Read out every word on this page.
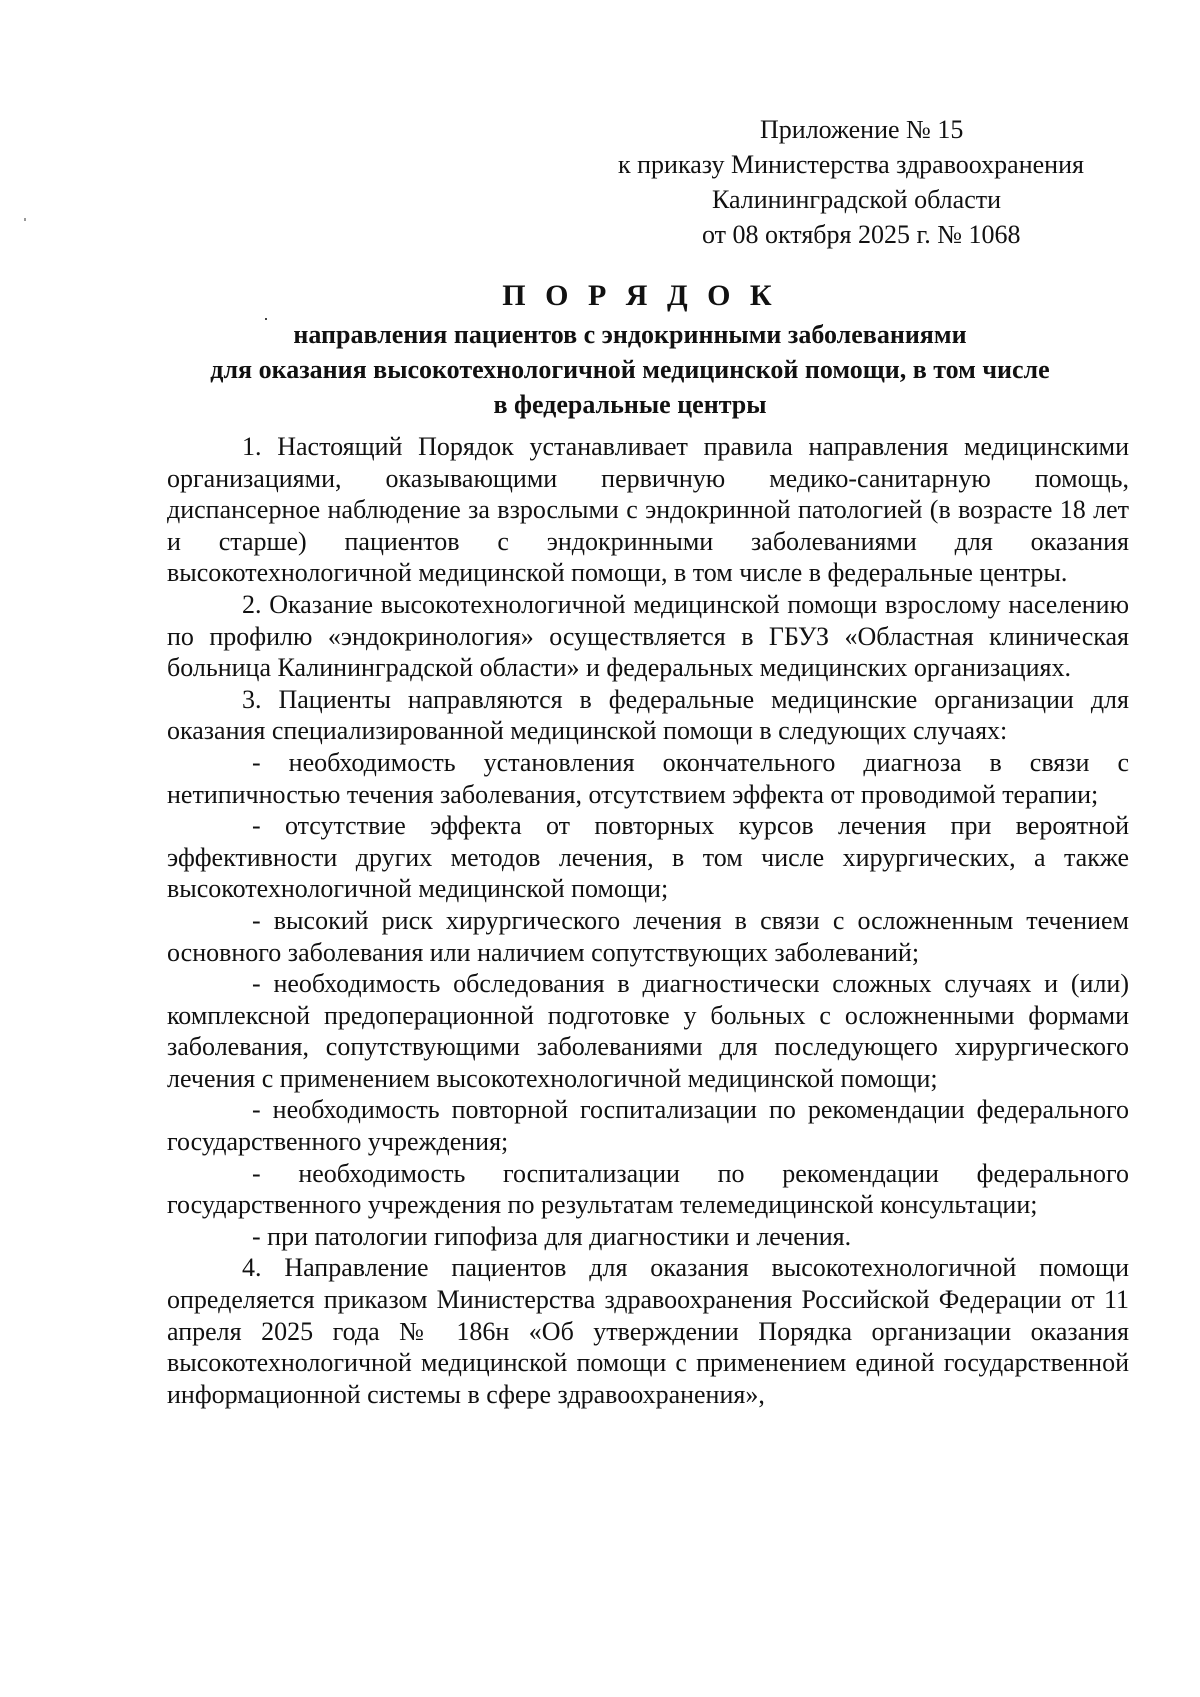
Приложение № 15
к приказу Министерства здравоохранения
Калининградской области
от 08 октября 2025 г. № 1068
П О Р Я Д О К
направления пациентов с эндокринными заболеваниями
для оказания высокотехнологичной медицинской помощи, в том числе
в федеральные центры

1. Настоящий Порядок устанавливает правила направления медицинскими организациями, оказывающими первичную медико-санитарную помощь, диспансерное наблюдение за взрослыми с эндокринной патологией (в возрасте 18 лет и старше) пациентов с эндокринными заболеваниями для оказания высокотехнологичной медицинской помощи, в том числе в федеральные центры.

2. Оказание высокотехнологичной медицинской помощи взрослому населению по профилю «эндокринология» осуществляется в ГБУЗ «Областная клиническая больница Калининградской области» и федеральных медицинских организациях.

3. Пациенты направляются в федеральные медицинские организации для оказания специализированной медицинской помощи в следующих случаях:

- необходимость установления окончательного диагноза в связи с нетипичностью течения заболевания, отсутствием эффекта от проводимой терапии;

- отсутствие эффекта от повторных курсов лечения при вероятной эффективности других методов лечения, в том числе хирургических, а также высокотехнологичной медицинской помощи;

- высокий риск хирургического лечения в связи с осложненным течением основного заболевания или наличием сопутствующих заболеваний;

- необходимость обследования в диагностически сложных случаях и (или) комплексной предоперационной подготовке у больных с осложненными формами заболевания, сопутствующими заболеваниями для последующего хирургического лечения с применением высокотехнологичной медицинской помощи;

- необходимость повторной госпитализации по рекомендации федерального государственного учреждения;

- необходимость госпитализации по рекомендации федерального государственного учреждения по результатам телемедицинской консультации;

- при патологии гипофиза для диагностики и лечения.

4. Направление пациентов для оказания высокотехнологичной помощи определяется приказом Министерства здравоохранения Российской Федерации от 11 апреля 2025 года № 186н «Об утверждении Порядка организации оказания высокотехнологичной медицинской помощи с применением единой государственной информационной системы в сфере здравоохранения»,
